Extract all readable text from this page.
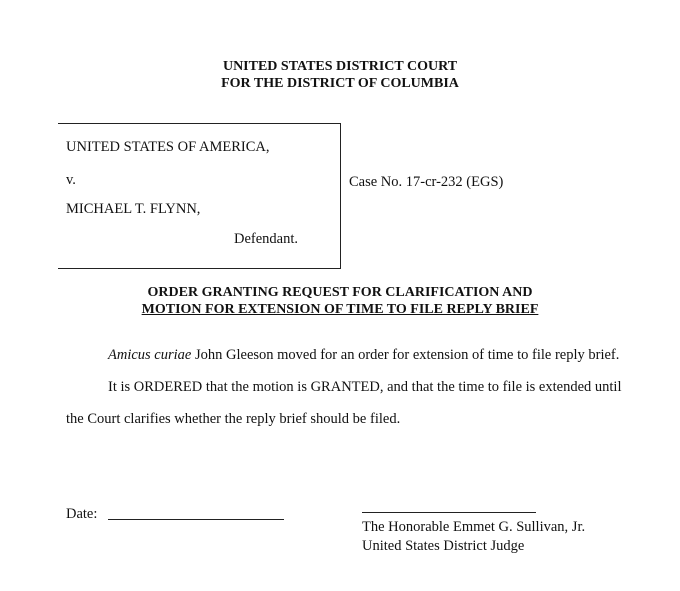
UNITED STATES DISTRICT COURT
FOR THE DISTRICT OF COLUMBIA
UNITED STATES OF AMERICA,
v.
MICHAEL T. FLYNN,
Defendant.
Case No. 17-cr-232 (EGS)
ORDER GRANTING REQUEST FOR CLARIFICATION AND
MOTION FOR EXTENSION OF TIME TO FILE REPLY BRIEF
Amicus curiae John Gleeson moved for an order for extension of time to file reply brief.
It is ORDERED that the motion is GRANTED, and that the time to file is extended until
the Court clarifies whether the reply brief should be filed.
Date:
The Honorable Emmet G. Sullivan, Jr.
United States District Judge
